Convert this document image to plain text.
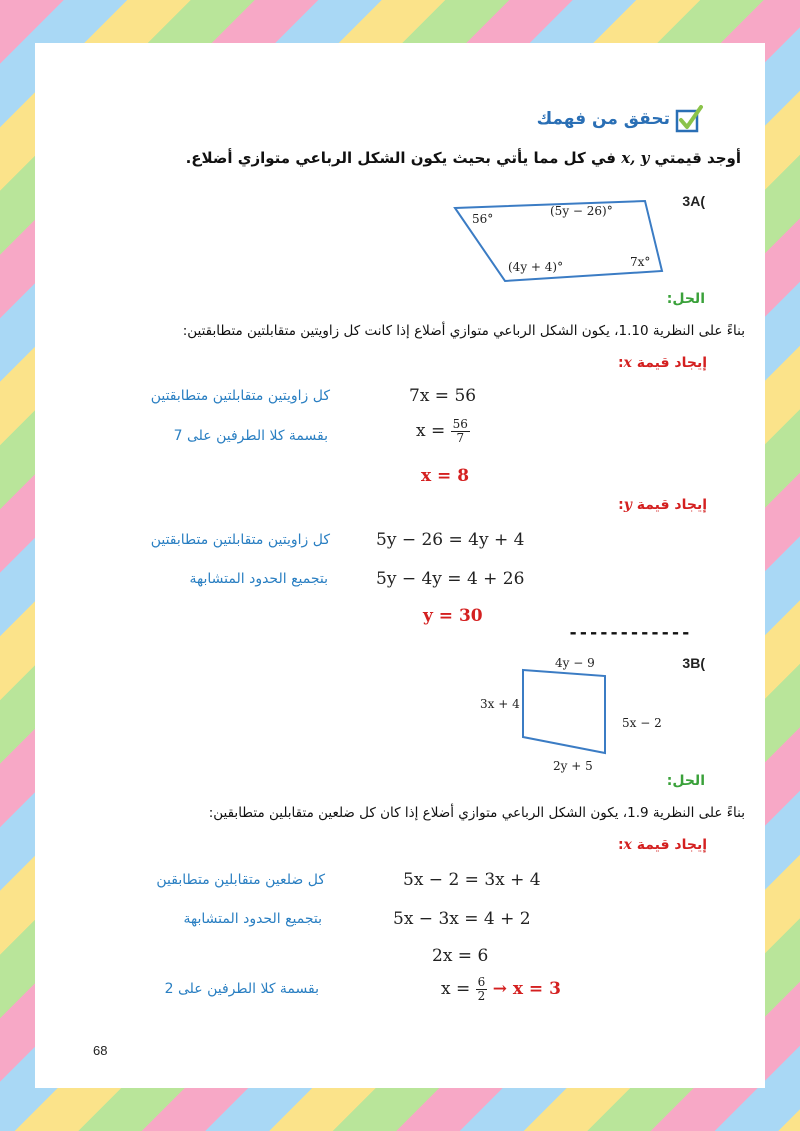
تحقق من فهمك
أوجد قيمتي x, y في كل مما يأتي بحيث يكون الشكل الرباعي متوازي أضلاع.
3A(
56°
(5y − 26)°
(4y + 4)°	7x°
الحل:
بناءً على النظرية 1.10، يكون الشكل الرباعي متوازي أضلاع إذا كانت كل زاويتين متقابلتين متطابقتين:
إيجاد قيمة x:
7x = 56
كل زاويتين متقابلتين متطابقتين
$x = \frac{56}{7}$
بقسمة كلا الطرفين على 7
x = 8
إيجاد قيمة y:
5y − 26 = 4y + 4
كل زاويتين متقابلتين متطابقتين
5y − 4y = 4 + 26
بتجميع الحدود المتشابهة
y = 30
------------
3B(
4y − 9
3x + 4
5x − 2
2y + 5
الحل:
بناءً على النظرية 1.9، يكون الشكل الرباعي متوازي أضلاع إذا كان كل ضلعين متقابلين متطابقين:
إيجاد قيمة x:
5x − 2 = 3x + 4
كل ضلعين متقابلين متطابقين
5x − 3x = 4 + 2
بتجميع الحدود المتشابهة
2x = 6
$x = \frac{6}{2} \to x = 3$
بقسمة كلا الطرفين على 2
68
